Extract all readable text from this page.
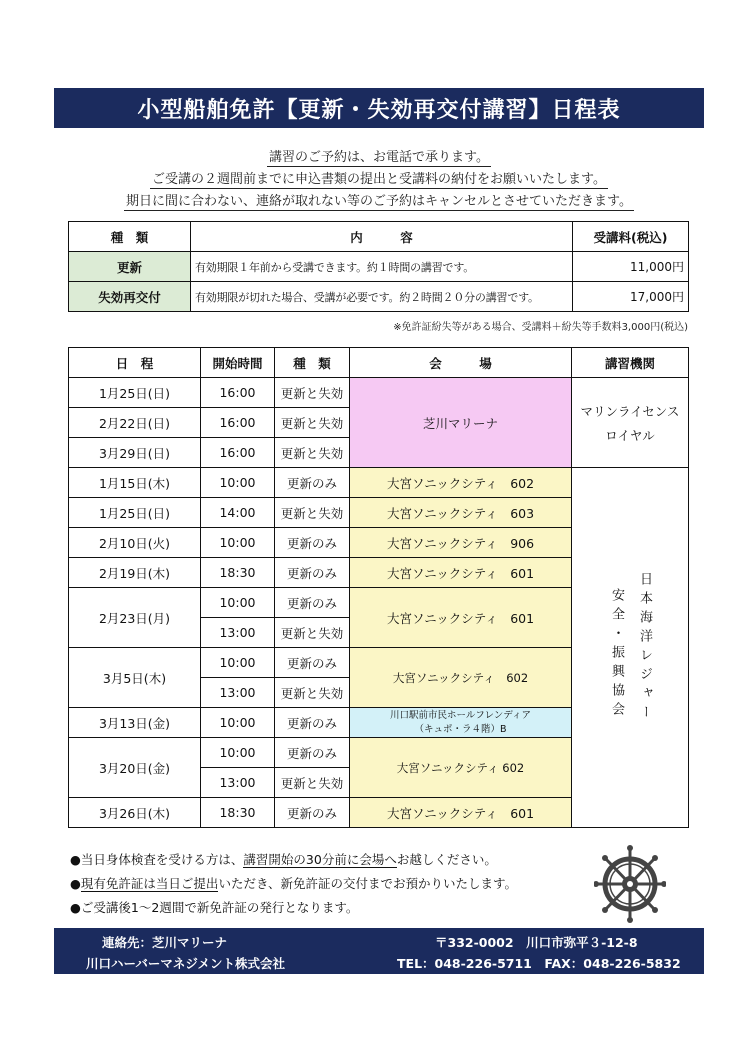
小型船舶免許【更新・失効再交付講習】日程表
講習のご予約は、お電話で承ります。
ご受講の２週間前までに申込書類の提出と受講料の納付をお願いいたします。
期日に間に合わない、連絡が取れない等のご予約はキャンセルとさせていただきます。
種　類	内　　　容	受講料(税込)
更新	有効期限１年前から受講できます。約１時間の講習です。	11,000円
失効再交付	有効期限が切れた場合、受講が必要です。約２時間２０分の講習です。	17,000円
※免許証紛失等がある場合、受講料＋紛失等手数料3,000円(税込)
日　程	開始時間	種　類	会　　　場	講習機関
1月25日(日)	16:00	更新と失効	芝川マリーナ	マリンライセンス
ロイヤル

2月22日(日)	16:00	更新と失効		
3月29日(日)	16:00	更新と失効		
1月15日(木)	10:00	更新のみ	大宮ソニックシティ　602	日本海洋レジャー
安全・振興協会

1月25日(日)	14:00	更新と失効	大宮ソニックシティ　603	
2月10日(火)	10:00	更新のみ	大宮ソニックシティ　906	
2月19日(木)	18:30	更新のみ	大宮ソニックシティ　601	
2月23日(月)	10:00	更新のみ	大宮ソニックシティ　601	
	13:00	更新と失効		
3月5日(木)	10:00	更新のみ	大宮ソニックシティ　602	
	13:00	更新と失効		
3月13日(金)	10:00	更新のみ	川口駅前市民ホールフレンディア
（キュポ・ラ４階）B	

3月20日(金)	10:00	更新のみ	大宮ソニックシティ 602	
	13:00	更新と失効		
3月26日(木)	18:30	更新のみ	大宮ソニックシティ　601	
●当日身体検査を受ける方は、講習開始の30分前に会場へお越しください。
●現有免許証は当日ご提出いただき、新免許証の交付までお預かりいたします。
●ご受講後1～2週間で新免許証の発行となります。
連絡先：芝川マリーナ
川口ハーバーマネジメント株式会社
〒332-0002　川口市弥平３-12-8
TEL：048-226-5711　FAX：048-226-5832
